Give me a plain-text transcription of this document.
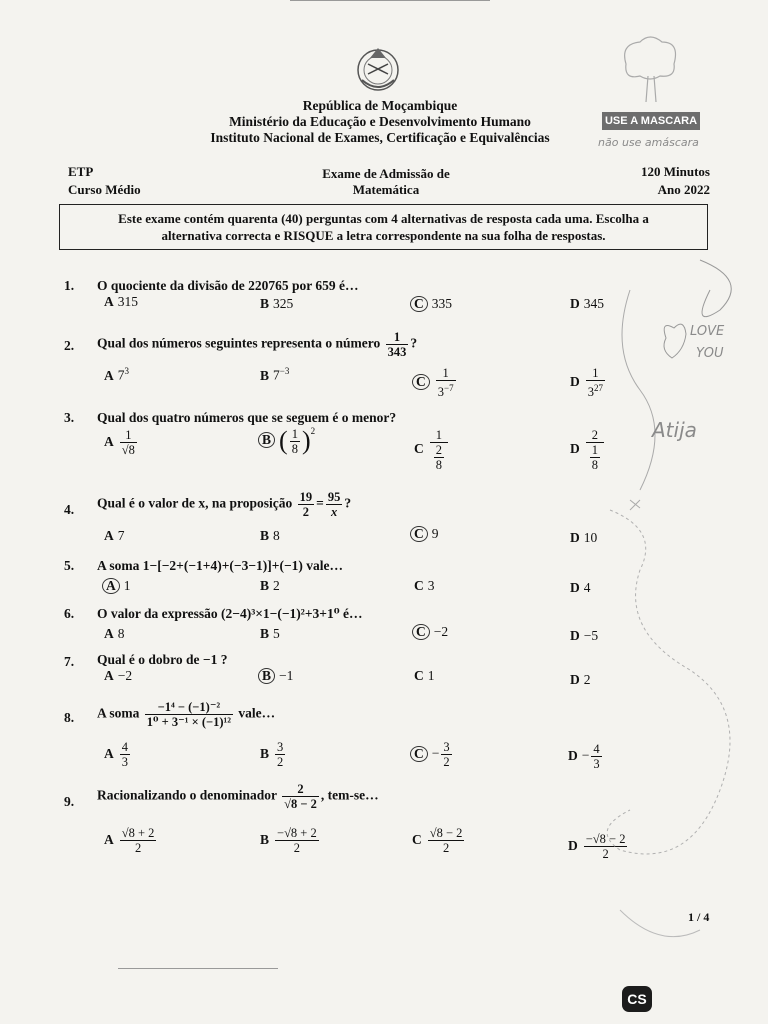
USE A MASCARA
não use amáscara
República de Moçambique
Ministério da Educação e Desenvolvimento Humano
Instituto Nacional de Exames, Certificação e Equivalências
ETP
Curso Médio
Exame de Admissão de
Matemática
120 Minutos
Ano 2022
Este exame contém quarenta (40) perguntas com 4 alternativas de resposta cada uma. Escolha a
alternativa correcta e RISQUE a letra correspondente na sua folha de respostas.
1. O quociente da divisão de 220765 por 659 é…
A 315	B 325	C 335	D 345
2. Qual dos números seguintes representa o número $\frac{1}{343}$ ?
A $7^3$	B $7^{-3}$
C $\frac{1}{3^{-7}}$	D $\frac{1}{3^{27}}$
3. Qual dos quatro números que se seguem é o menor?
A $\frac{1}{√8}$	B ( $\frac{1}{8} )^2$
C $\frac{1}{\frac{2}{8}}$	D $\frac{2}{\frac{1}{8}}$
4. Qual é o valor de x, na proposição $\frac{19}{2} = \frac{95}{x}$ ?
A 7	B 8	C 9	D 10
5. A soma 1−[−2+(−1+4)+(−3−1)]+(−1) vale…
A 1	B 2	C 3	D 4
6. O valor da expressão (2−4)³×1−(−1)²+3+1⁰ é…
A 8	B 5	C −2	D −5
7. Qual é o dobro de −1 ?
A −2	B −1	C 1	D 2
8. A soma $\frac{\text{−1⁴ − (−1)⁻²}}{\text{1⁰ + 3⁻¹ × (−1)¹²}}$ vale…
A $\frac{4}{3}$	B $\frac{3}{2}$	$C - \frac{3}{2}$	$D - \frac{4}{3}$
9. Racionalizando o denominador $\frac{2}{√8 - 2}$ , tem-se…
A $\frac{√8 + 2}{2}$	B $\frac{-√8 + 2}{2}$	C $\frac{√8 - 2}{2}$	D $\frac{-√8 - 2}{2}$
LOVE
YOU
Atija
1 / 4
CS
